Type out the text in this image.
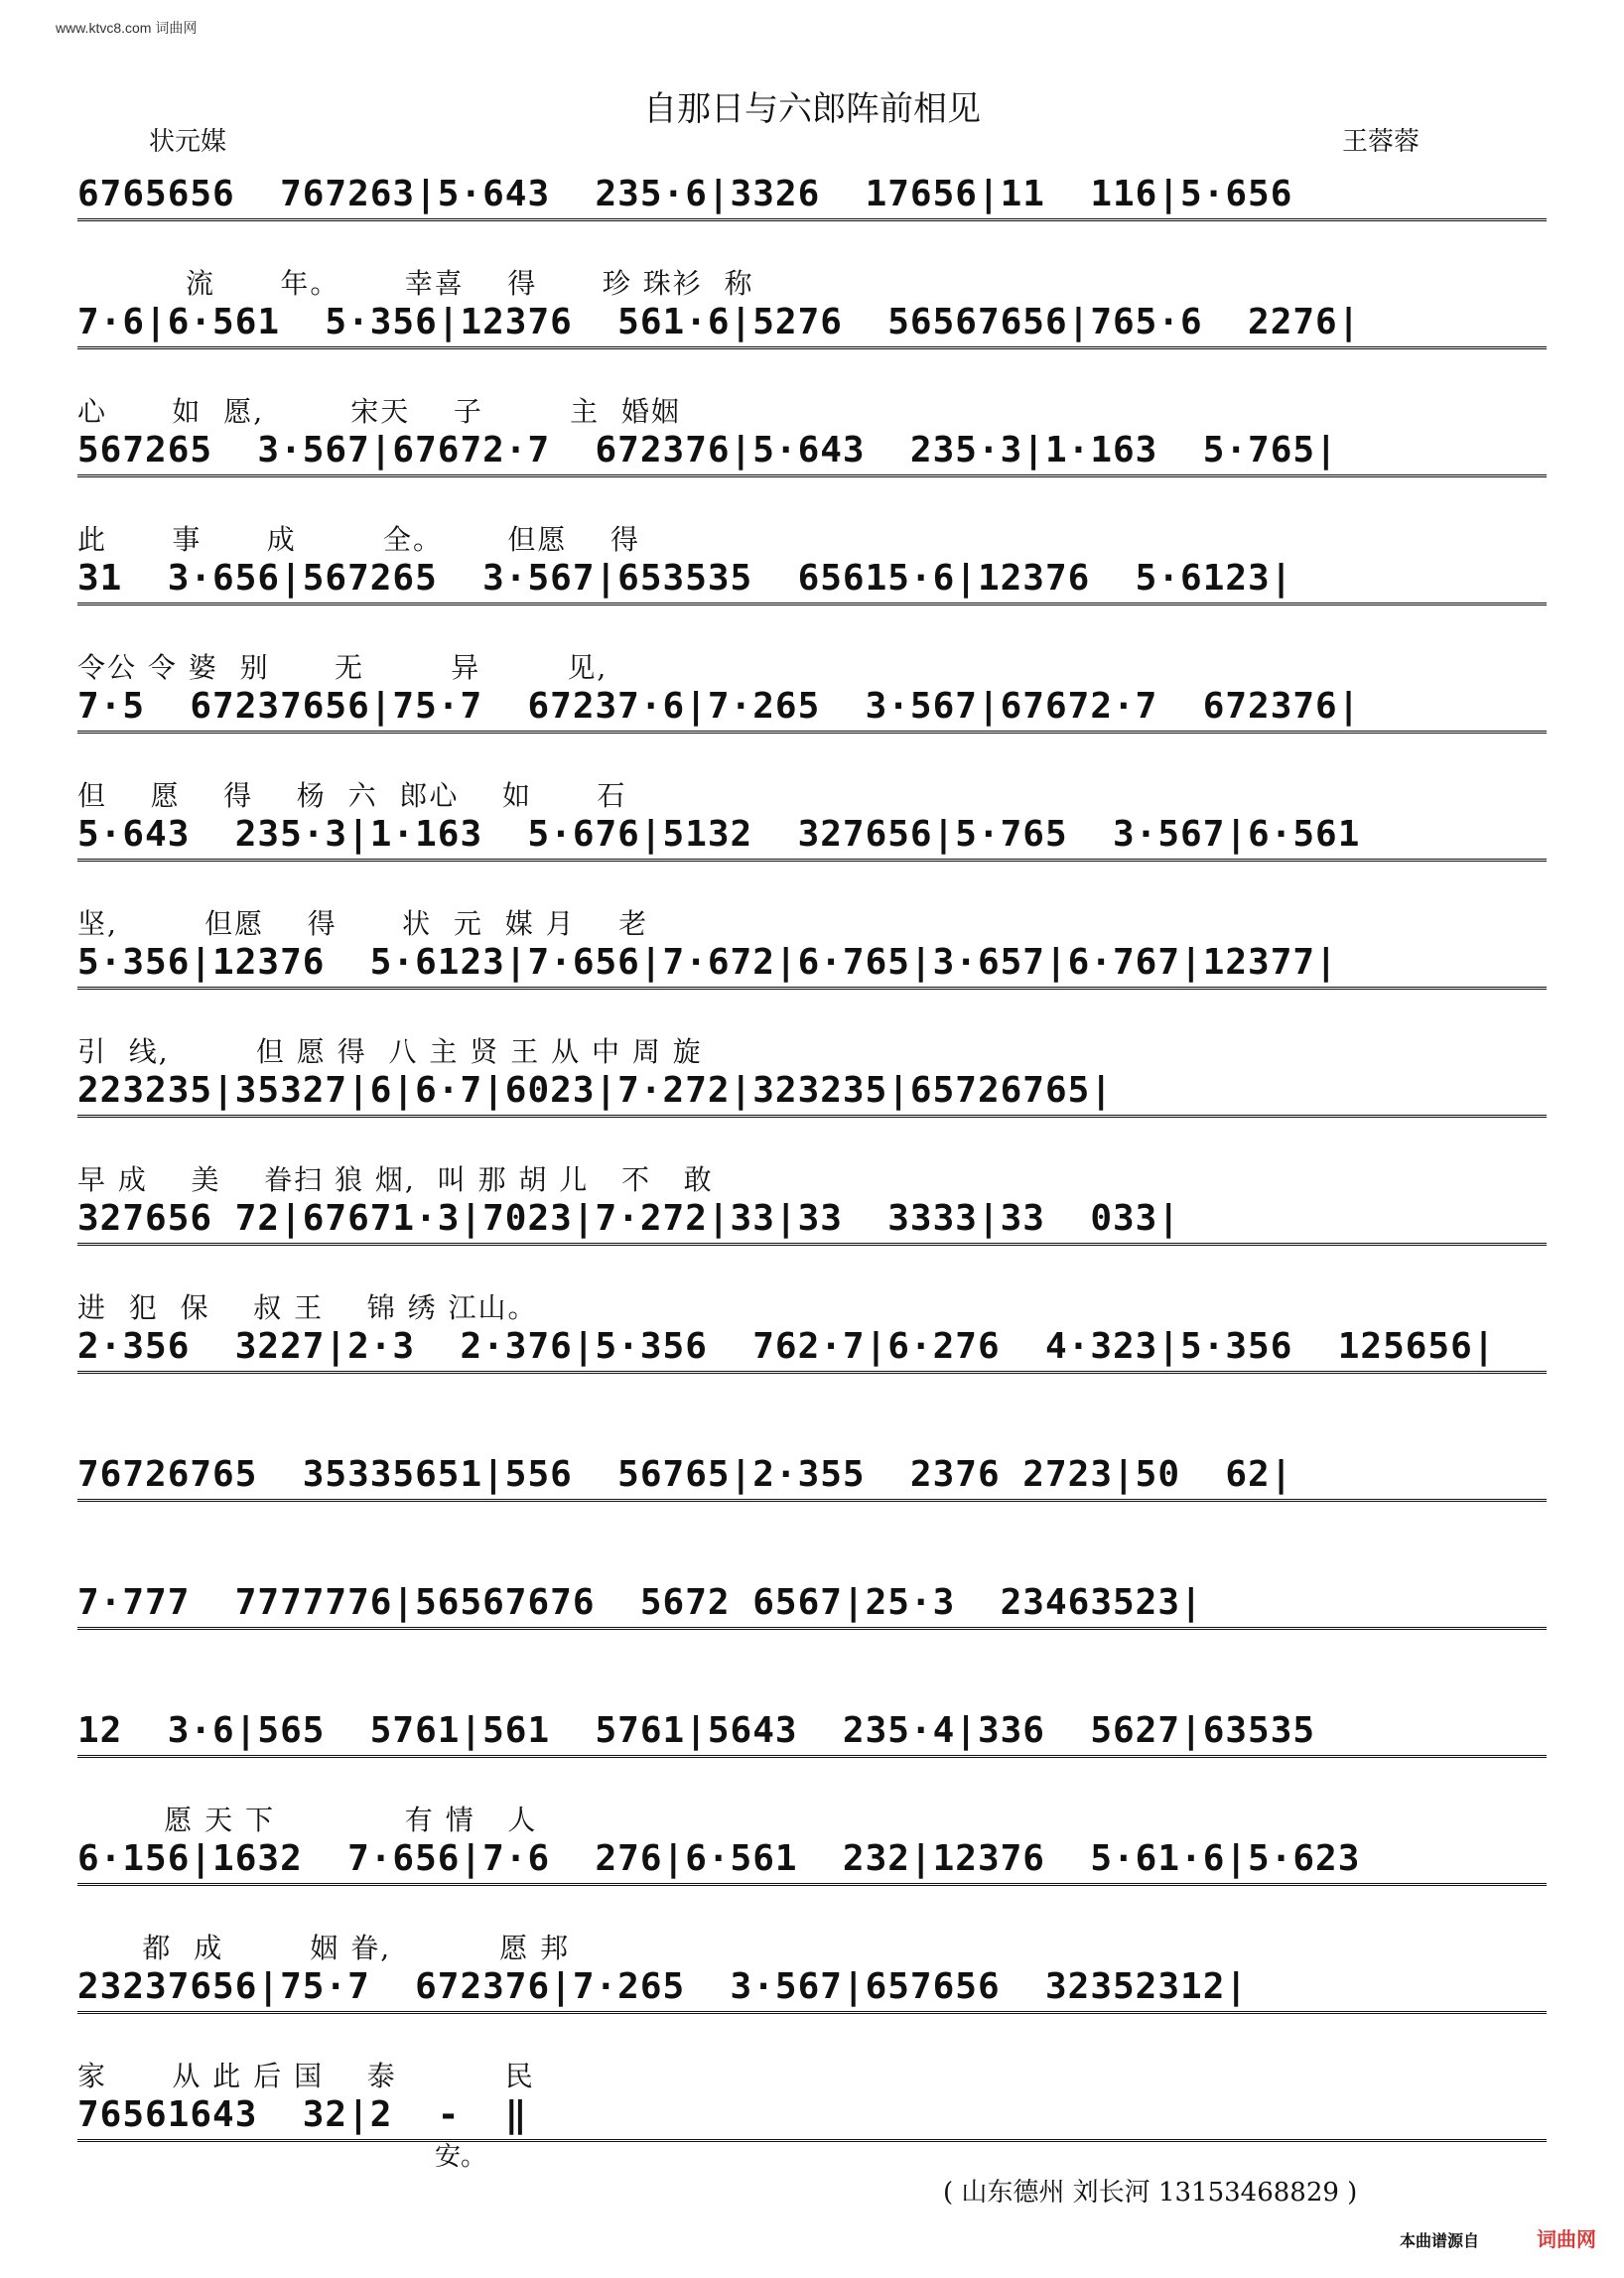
www.ktvc8.com 词曲网
自那日与六郎阵前相见
状元媒	王蓉蓉
6765656  767263|5·643  235·6|3326  17656|11  116|5·656
流      年。      幸喜    得      珍 珠衫  称
7·6|6·561  5·356|12376  561·6|5276  56567656|765·6  2276|
心      如  愿,        宋天    子        主  婚姻
567265  3·567|67672·7  672376|5·643  235·3|1·163  5·765|
此      事      成        全。      但愿    得
31  3·656|567265  3·567|653535  65615·6|12376  5·6123|
令公 令 婆  别      无        异        见,
7·5  67237656|75·7  67237·6|7·265  3·567|67672·7  672376|
但    愿    得    杨  六  郎心    如      石
5·643  235·3|1·163  5·676|5132  327656|5·765  3·567|6·561
坚,        但愿    得      状  元  媒 月    老
5·356|12376  5·6123|7·656|7·672|6·765|3·657|6·767|12377|
引  线,        但 愿 得  八 主 贤 王 从 中 周 旋
223235|35327|6|6·7|6023|7·272|323235|65726765|
早 成    美    眷扫 狼 烟,  叫 那 胡 儿   不   敢
327656 72|67671·3|7023|7·272|33|33  3333|33  033|
进  犯  保    叔 王    锦 绣 江山。
2·356  3227|2·3  2·376|5·356  762·7|6·276  4·323|5·356  125656|
76726765  35335651|556  56765|2·355  2376 2723|50  62|
7·777  7777776|56567676  5672 6567|25·3  23463523|
12  3·6|565  5761|561  5761|5643  235·4|336  5627|63535
愿 天 下            有 情   人
6·156|1632  7·656|7·6  276|6·561  232|12376  5·61·6|5·623
都  成        姻 眷,          愿 邦
23237656|75·7  672376|7·265  3·567|657656  32352312|
家      从 此 后 国    泰          民
76561643  32|2  -  ‖
安。
( 山东德州 刘长河 13153468829 )
本曲谱源自	词曲网
